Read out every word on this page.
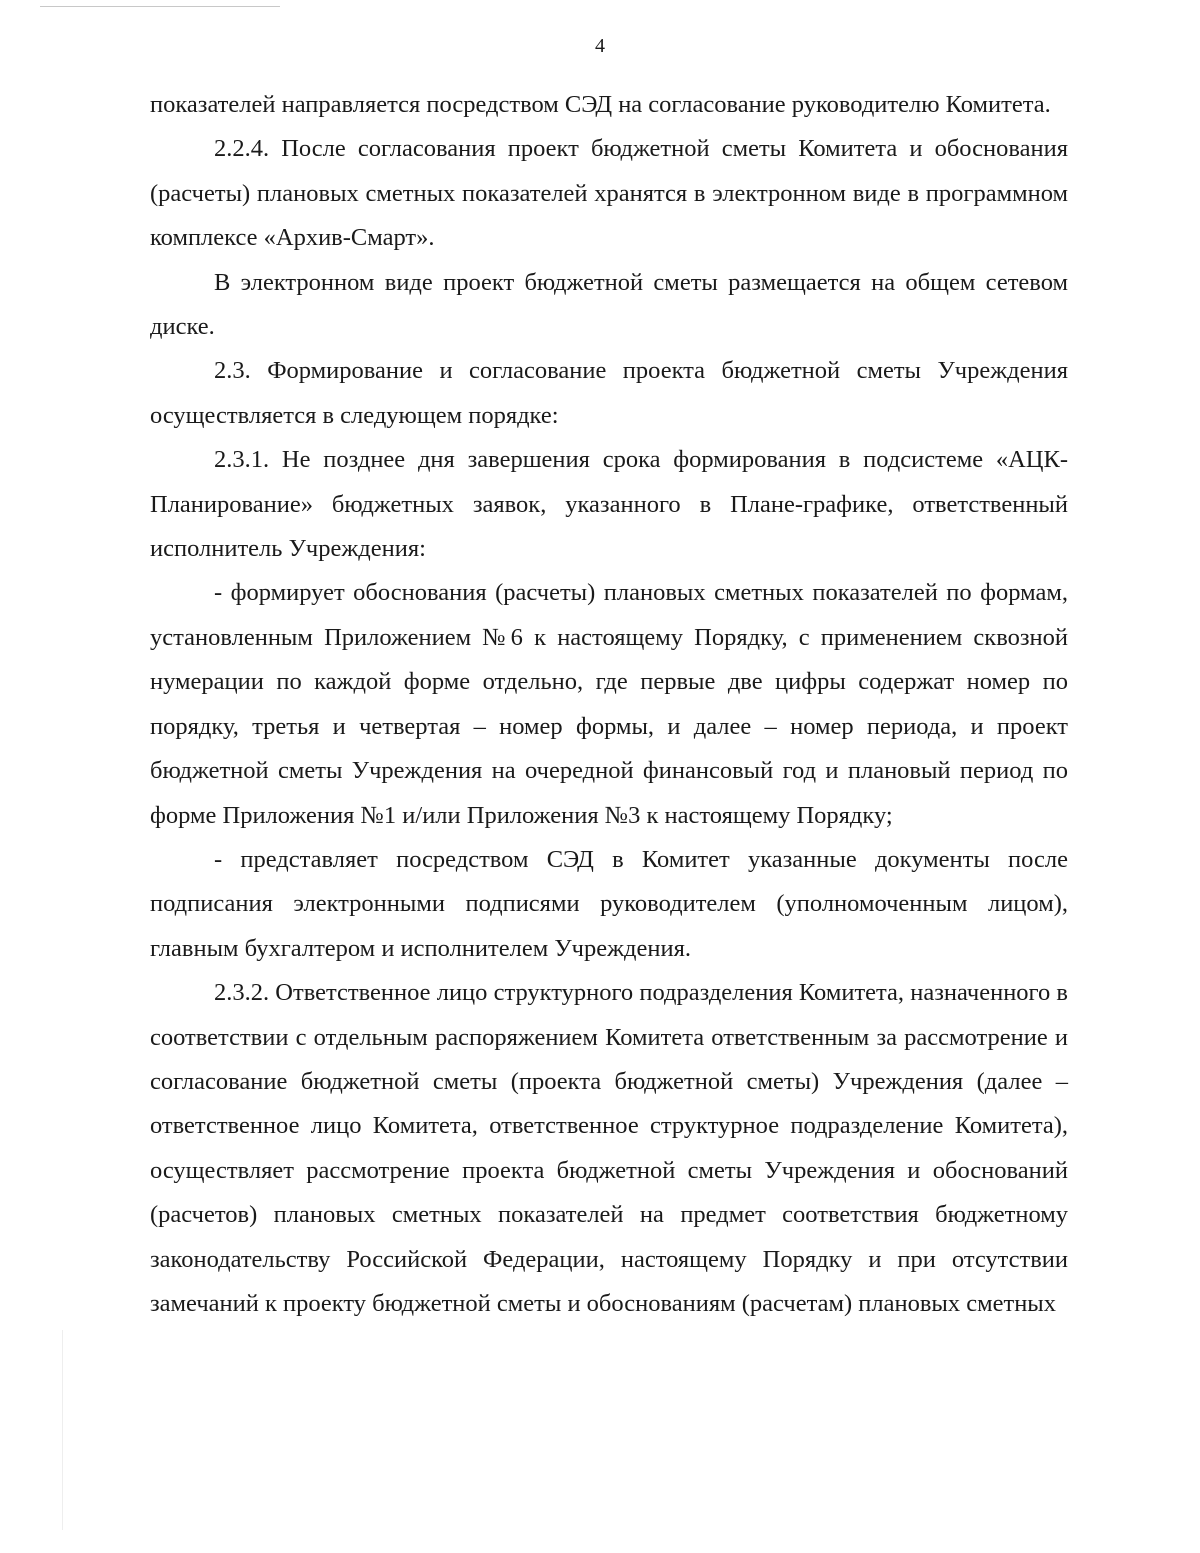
4

показателей направляется посредством СЭД на согласование руководителю Комитета.

2.2.4. После согласования проект бюджетной сметы Комитета и обоснования (расчеты) плановых сметных показателей хранятся в электронном виде в программном комплексе «Архив-Смарт».

В электронном виде проект бюджетной сметы размещается на общем сетевом диске.

2.3. Формирование и согласование проекта бюджетной сметы Учреждения осуществляется в следующем порядке:

2.3.1. Не позднее дня завершения срока формирования в подсистеме «АЦК-Планирование» бюджетных заявок, указанного в Плане-графике, ответственный исполнитель Учреждения:

- формирует обоснования (расчеты) плановых сметных показателей по формам, установленным Приложением №6 к настоящему Порядку, с применением сквозной нумерации по каждой форме отдельно, где первые две цифры содержат номер по порядку, третья и четвертая – номер формы, и далее – номер периода, и проект бюджетной сметы Учреждения на очередной финансовый год и плановый период по форме Приложения №1 и/или Приложения №3 к настоящему Порядку;

- представляет посредством СЭД в Комитет указанные документы после подписания электронными подписями руководителем (уполномоченным лицом), главным бухгалтером и исполнителем Учреждения.

2.3.2. Ответственное лицо структурного подразделения Комитета, назначенного в соответствии с отдельным распоряжением Комитета ответственным за рассмотрение и согласование бюджетной сметы (проекта бюджетной сметы) Учреждения (далее – ответственное лицо Комитета, ответственное структурное подразделение Комитета), осуществляет рассмотрение проекта бюджетной сметы Учреждения и обоснований (расчетов) плановых сметных показателей на предмет соответствия бюджетному законодательству Российской Федерации, настоящему Порядку и при отсутствии замечаний к проекту бюджетной сметы и обоснованиям (расчетам) плановых сметных
